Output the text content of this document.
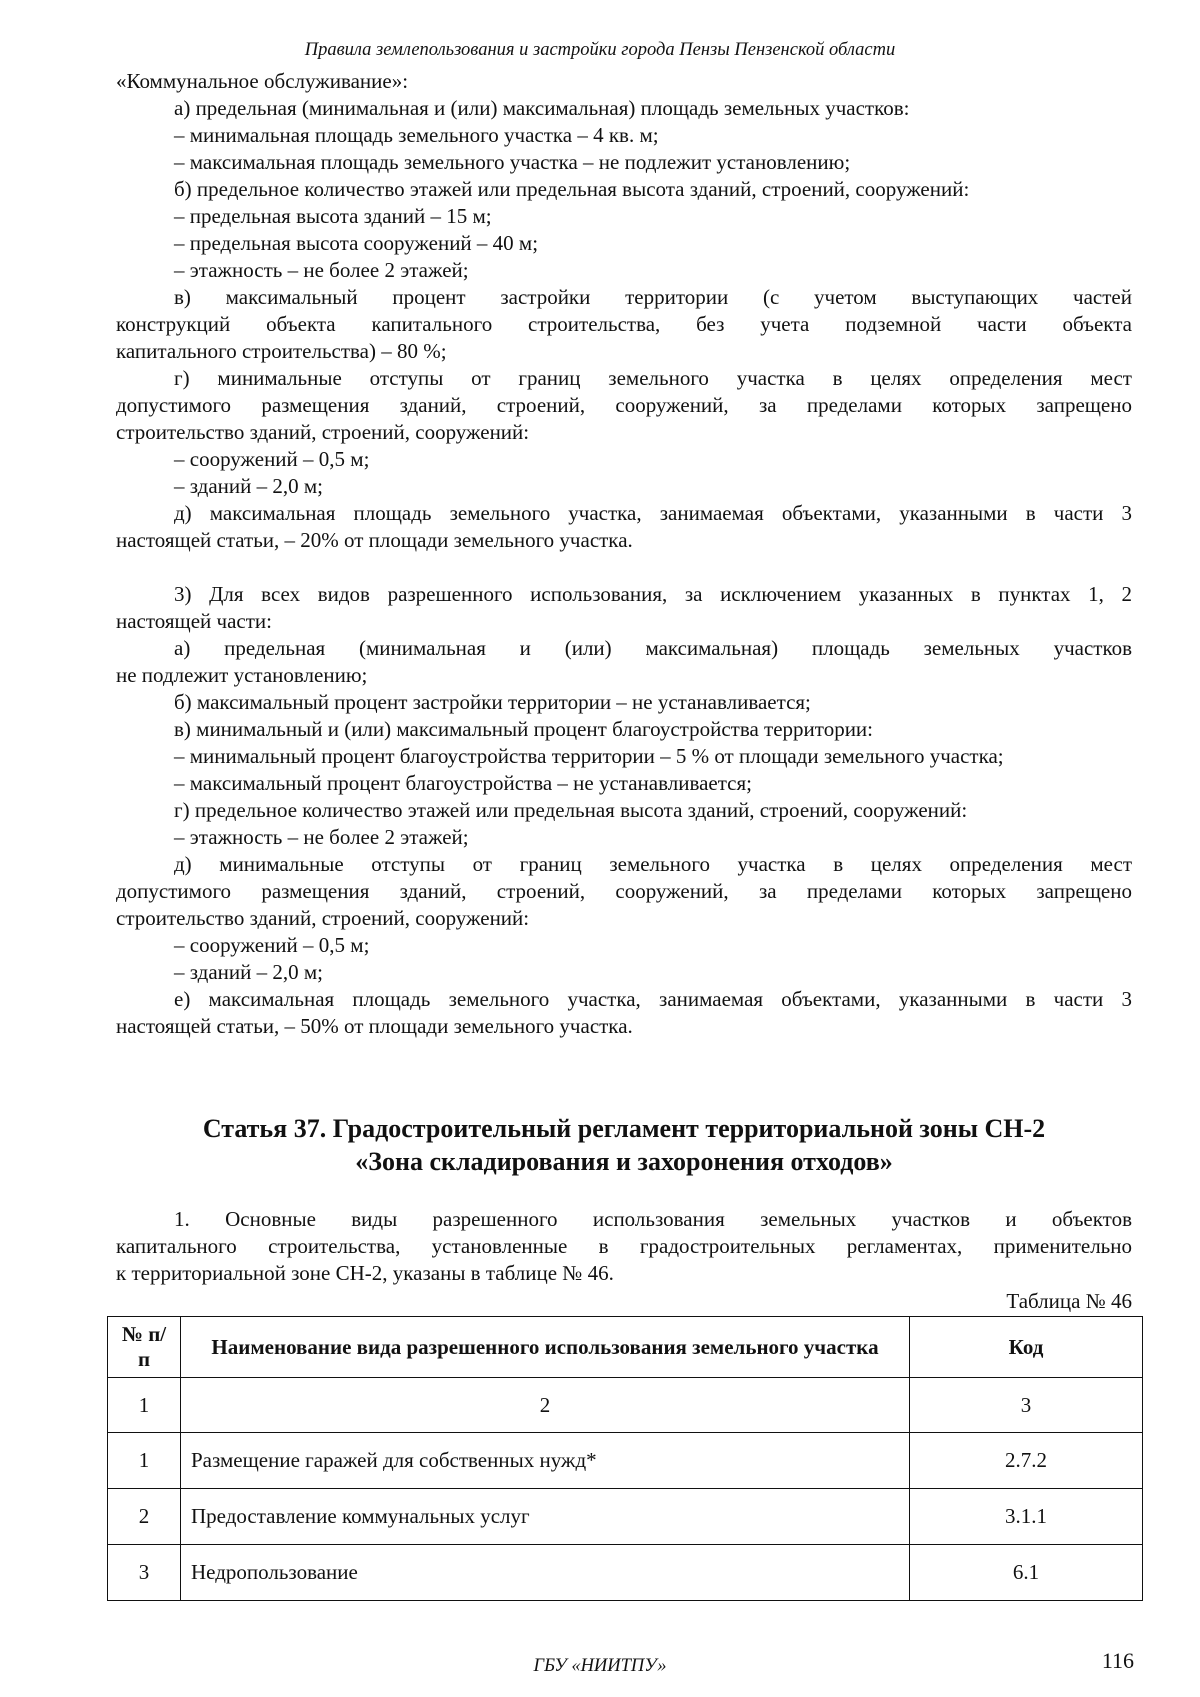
Правила землепользования и застройки города Пензы Пензенской области
«Коммунальное обслуживание»:
а) предельная (минимальная и (или) максимальная) площадь земельных участков:
– минимальная площадь земельного участка – 4 кв. м;
– максимальная площадь земельного участка – не подлежит установлению;
б) предельное количество этажей или предельная высота зданий, строений, сооружений:
– предельная высота зданий – 15 м;
– предельная высота сооружений – 40 м;
– этажность – не более 2 этажей;
в) максимальный процент застройки территории (с учетом выступающих частей
конструкций объекта капитального строительства, без учета подземной части объекта
капитального строительства) – 80 %;
г) минимальные отступы от границ земельного участка в целях определения мест
допустимого размещения зданий, строений, сооружений, за пределами которых запрещено
строительство зданий, строений, сооружений:
– сооружений – 0,5 м;
– зданий – 2,0 м;
д) максимальная площадь земельного участка, занимаемая объектами, указанными в части 3
настоящей статьи, – 20% от площади земельного участка.
3) Для всех видов разрешенного использования, за исключением указанных в пунктах 1, 2
настоящей части:
а) предельная (минимальная и (или) максимальная) площадь земельных участков
не подлежит установлению;
б) максимальный процент застройки территории – не устанавливается;
в) минимальный и (или) максимальный процент благоустройства территории:
– минимальный процент благоустройства территории – 5 % от площади земельного участка;
– максимальный процент благоустройства – не устанавливается;
г) предельное количество этажей или предельная высота зданий, строений, сооружений:
– этажность – не более 2 этажей;
д) минимальные отступы от границ земельного участка в целях определения мест
допустимого размещения зданий, строений, сооружений, за пределами которых запрещено
строительство зданий, строений, сооружений:
– сооружений – 0,5 м;
– зданий – 2,0 м;
е) максимальная площадь земельного участка, занимаемая объектами, указанными в части 3
настоящей статьи, – 50% от площади земельного участка.
Статья 37. Градостроительный регламент территориальной зоны СН-2
«Зона складирования и захоронения отходов»
1. Основные виды разрешенного использования земельных участков и объектов
капитального строительства, установленные в градостроительных регламентах, применительно
к территориальной зоне СН-2, указаны в таблице № 46.
Таблица № 46
№ п/п	Наименование вида разрешенного использования земельного участка	Код
1	2	3
1	Размещение гаражей для собственных нужд*	2.7.2
2	Предоставление коммунальных услуг	3.1.1
3	Недропользование	6.1
ГБУ «НИИТПУ»	116
